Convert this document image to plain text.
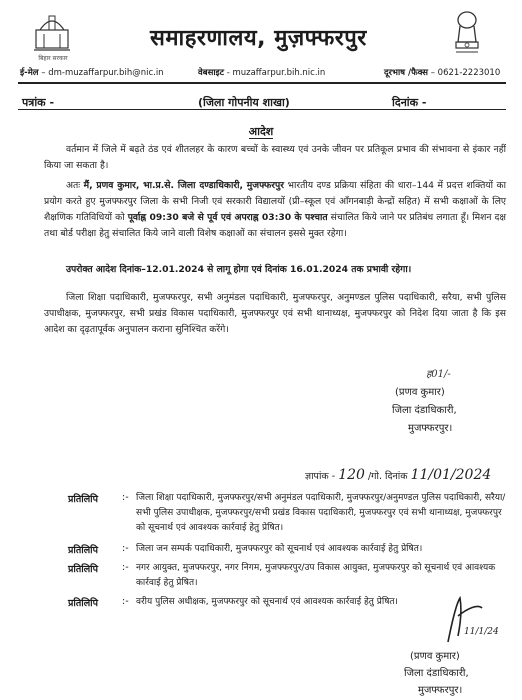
बिहार सरकार
समाहरणालय, मुज़फ्फरपुर
ई-मेल – dm-muzaffarpur.bih@nic.in	वेबसाइट - muzaffarpur.bih.nic.in	दूरभाष /फैक्स – 0621-2223010
पत्रांक -	(जिला गोपनीय शाखा)	दिनांक -
आदेश
वर्तमान में जिले में बढ़ते ठंड एवं शीतलहर के कारण बच्चों के स्वास्थ्य एवं उनके जीवन पर प्रतिकूल प्रभाव की संभावना से इंकार नहीं किया जा सकता है।
अतः मैं, प्रणव कुमार, भा.प्र.से. जिला दण्डाधिकारी, मुजफ्फरपुर भारतीय दण्ड प्रक्रिया संहिता की धारा–144 में प्रदत्त शक्तियों का प्रयोग करते हुए मुजफ्फरपुर जिला के सभी निजी एवं सरकारी विद्यालयों (प्री–स्कूल एवं आँगनबाड़ी केन्द्रों सहित) में सभी कक्षाओं के लिए शैक्षणिक गतिविधियों को पूर्वाह्न 09:30 बजे से पूर्व एवं अपराह्न 03:30 के पश्चात संचालित किये जाने पर प्रतिबंध लगाता हूँ। मिशन दक्ष तथा बोर्ड परीक्षा हेतु संचालित किये जाने वाली विशेष कक्षाओं का संचालन इससे मुक्त रहेगा।
उपरोक्त आदेश दिनांक–12.01.2024 से लागू होगा एवं दिनांक 16.01.2024 तक प्रभावी रहेगा।
जिला शिक्षा पदाधिकारी, मुजफ्फरपुर, सभी अनुमंडल पदाधिकारी, मुजफ्फरपुर, अनुमण्डल पुलिस पदाधिकारी, सरैया, सभी पुलिस उपाधीक्षक, मुजफ्फरपुर, सभी प्रखंड विकास पदाधिकारी, मुजफ्फरपुर एवं सभी थानाध्यक्ष, मुजफ्फरपुर को निदेश दिया जाता है कि इस आदेश का दृढ़तापूर्वक अनुपालन कराना सुनिश्चित करेंगे।
ह01/-
(प्रणव कुमार)
जिला दंडाधिकारी,
मुजफ्फरपुर।
ज्ञापांक - 120 /गो. दिनांक 11/01/2024
प्रतिलिपि	:- जिला शिक्षा पदाधिकारी, मुजफ्फरपुर/सभी अनुमंडल पदाधिकारी, मुजफ्फरपुर/अनुमण्डल पुलिस पदाधिकारी, सरैया/सभी पुलिस उपाधीक्षक, मुजफ्फरपुर/सभी प्रखंड विकास पदाधिकारी, मुजफ्फरपुर एवं सभी थानाध्यक्ष, मुजफ्फरपुर को सूचनार्थ एवं आवश्यक कार्रवाई हेतु प्रेषित।
प्रतिलिपि	:- जिला जन सम्पर्क पदाधिकारी, मुजफ्फरपुर को सूचनार्थ एवं आवश्यक कार्रवाई हेतु प्रेषित।
प्रतिलिपि	:- नगर आयुक्त, मुजफ्फरपुर, नगर निगम, मुजफ्फरपुर/उप विकास आयुक्त, मुजफ्फरपुर को सूचनार्थ एवं आवश्यक कार्रवाई हेतु प्रेषित।
प्रतिलिपि	:- वरीय पुलिस अधीक्षक, मुजफ्फरपुर को सूचनार्थ एवं आवश्यक कार्रवाई हेतु प्रेषित।
11/1/24
(प्रणव कुमार)
जिला दंडाधिकारी,
मुजफ्फरपुर।
